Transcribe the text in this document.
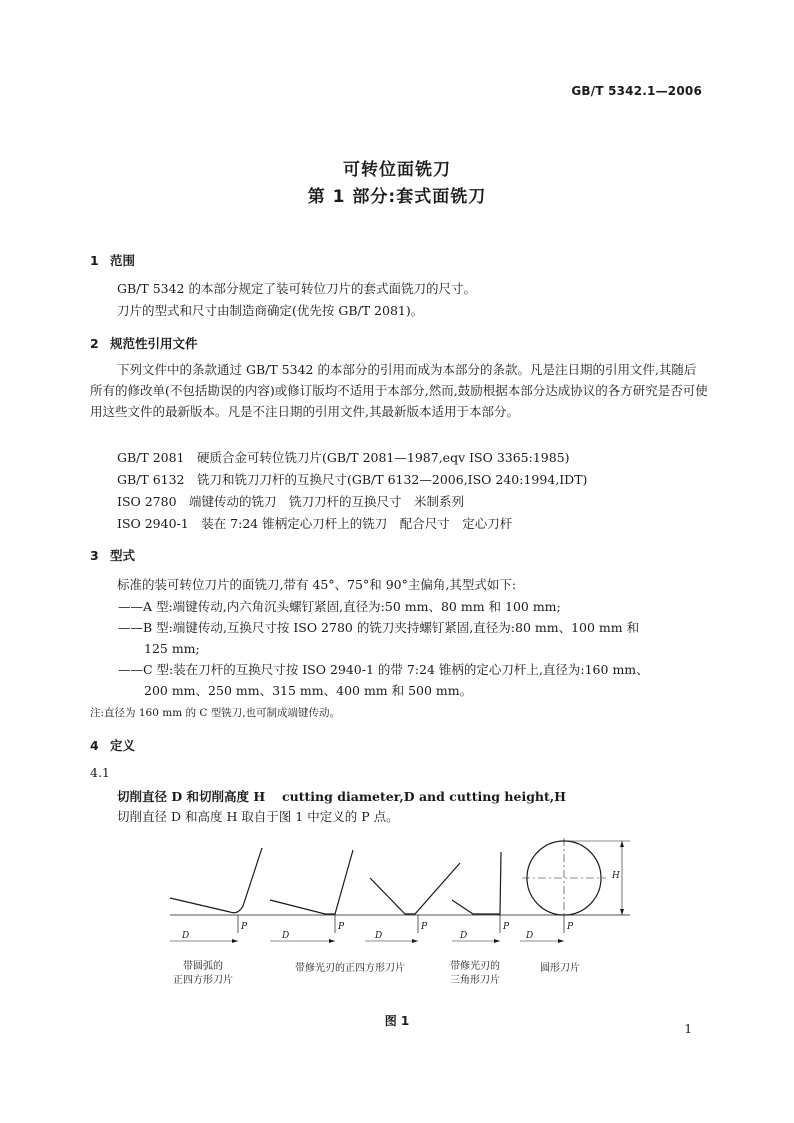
GB/T 5342.1—2006
可转位面铣刀
第 1 部分:套式面铣刀
1 范围
GB/T 5342 的本部分规定了装可转位刀片的套式面铣刀的尺寸。
刀片的型式和尺寸由制造商确定(优先按 GB/T 2081)。
2 规范性引用文件
下列文件中的条款通过 GB/T 5342 的本部分的引用而成为本部分的条款。凡是注日期的引用文件,其随后所有的修改单(不包括勘误的内容)或修订版均不适用于本部分,然而,鼓励根据本部分达成协议的各方研究是否可使用这些文件的最新版本。凡是不注日期的引用文件,其最新版本适用于本部分。
GB/T 2081　硬质合金可转位铣刀片(GB/T 2081—1987,eqv ISO 3365:1985)
GB/T 6132　铣刀和铣刀刀杆的互换尺寸(GB/T 6132—2006,ISO 240:1994,IDT)
ISO 2780　端键传动的铣刀　铣刀刀杆的互换尺寸　米制系列
ISO 2940-1　装在 7:24 锥柄定心刀杆上的铣刀　配合尺寸　定心刀杆
3 型式
标准的装可转位刀片的面铣刀,带有 45°、75°和 90°主偏角,其型式如下:
——A 型:端键传动,内六角沉头螺钉紧固,直径为:50 mm、80 mm 和 100 mm;
——B 型:端键传动,互换尺寸按 ISO 2780 的铣刀夹持螺钉紧固,直径为:80 mm、100 mm 和
125 mm;
——C 型:装在刀杆的互换尺寸按 ISO 2940-1 的带 7:24 锥柄的定心刀杆上,直径为:160 mm、
200 mm、250 mm、315 mm、400 mm 和 500 mm。
注:直径为 160 mm 的 C 型铣刀,也可制成端键传动。
4 定义
4.1
切削直径 D 和切削高度 H　 cutting diameter,D and cutting height,H
切削直径 D 和高度 H 取自于图 1 中定义的 P 点。
D
P
D
P
D
P
D
P
D
P
H
带圆弧的
正四方形刀片
带修光刃的正四方形刀片	带修光刃的
三角形刀片
圆形刀片
图 1
1
